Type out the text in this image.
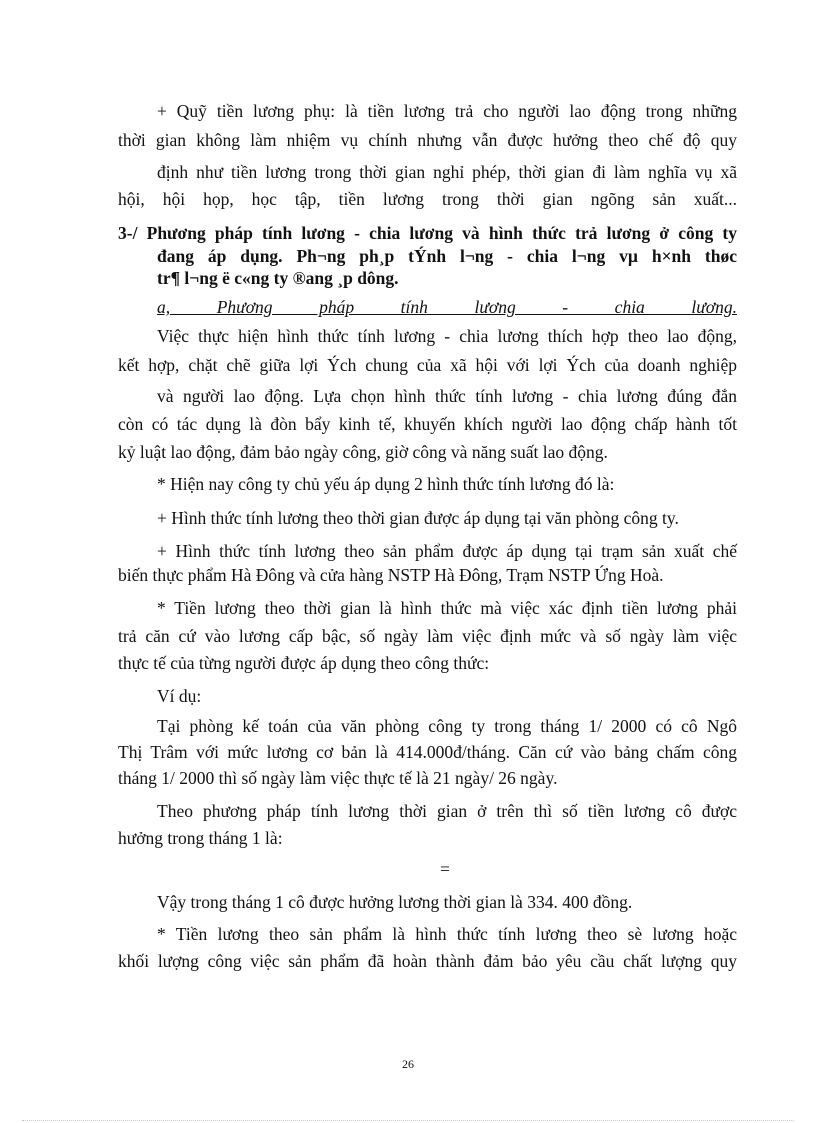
+ Quỹ tiền lương phụ: là tiền lương trả cho người lao động trong những

thời gian không làm nhiệm vụ chính nhưng vẫn được hưởng theo chế độ quy

định như tiền lương trong thời gian nghỉ phép, thời gian đi làm nghĩa vụ xã

hội, hội họp, học tập, tiền lương trong thời gian ngõng sản xuất...

3-/ Phương pháp tính lương - chia lương và hình thức trả lương ở công ty

đang áp dụng. Ph¬ng ph¸p tÝnh l¬ng - chia l¬ng vµ h×nh thøc

tr¶ l¬ng ë c«ng ty ®ang ¸p dông.

a, Phương pháp tính lương - chia lương.

Việc thực hiện hình thức tính lương - chia lương thích hợp theo lao động,

kết hợp, chặt chẽ giữa lợi Ých chung của xã hội với lợi Ých của doanh nghiệp

và người lao động. Lựa chọn hình thức tính lương - chia lương đúng đắn

còn có tác dụng là đòn bẩy kinh tế, khuyến khích người lao động chấp hành tốt

kỷ luật lao động, đảm bảo ngày công, giờ công và năng suất lao động.

* Hiện nay công ty chủ yếu áp dụng 2 hình thức tính lương đó là:

+ Hình thức tính lương theo thời gian được áp dụng tại văn phòng công ty.

+ Hình thức tính lương theo sản phẩm được áp dụng tại trạm sản xuất chế

biến thực phẩm Hà Đông và cửa hàng NSTP Hà Đông, Trạm NSTP Ứng Hoà.

* Tiền lương theo thời gian là hình thức mà việc xác định tiền lương phải

trả căn cứ vào lương cấp bậc, số ngày làm việc định mức và số ngày làm việc

thực tế của từng người được áp dụng theo công thức:

Ví dụ:

Tại phòng kế toán của văn phòng công ty trong tháng 1/ 2000 có cô Ngô

Thị Trâm với mức lương cơ bản là 414.000đ/tháng. Căn cứ vào bảng chấm công

tháng 1/ 2000 thì số ngày làm việc thực tế là 21 ngày/ 26 ngày.

Theo phương pháp tính lương thời gian ở trên thì số tiền lương cô được

hưởng trong tháng 1 là:

=

Vậy trong tháng 1 cô được hưởng lương thời gian là 334. 400 đồng.

* Tiền lương theo sản phẩm là hình thức tính lương theo sè lương hoặc

khối lượng công việc sản phẩm đã hoàn thành đảm bảo yêu cầu chất lượng quy

26
